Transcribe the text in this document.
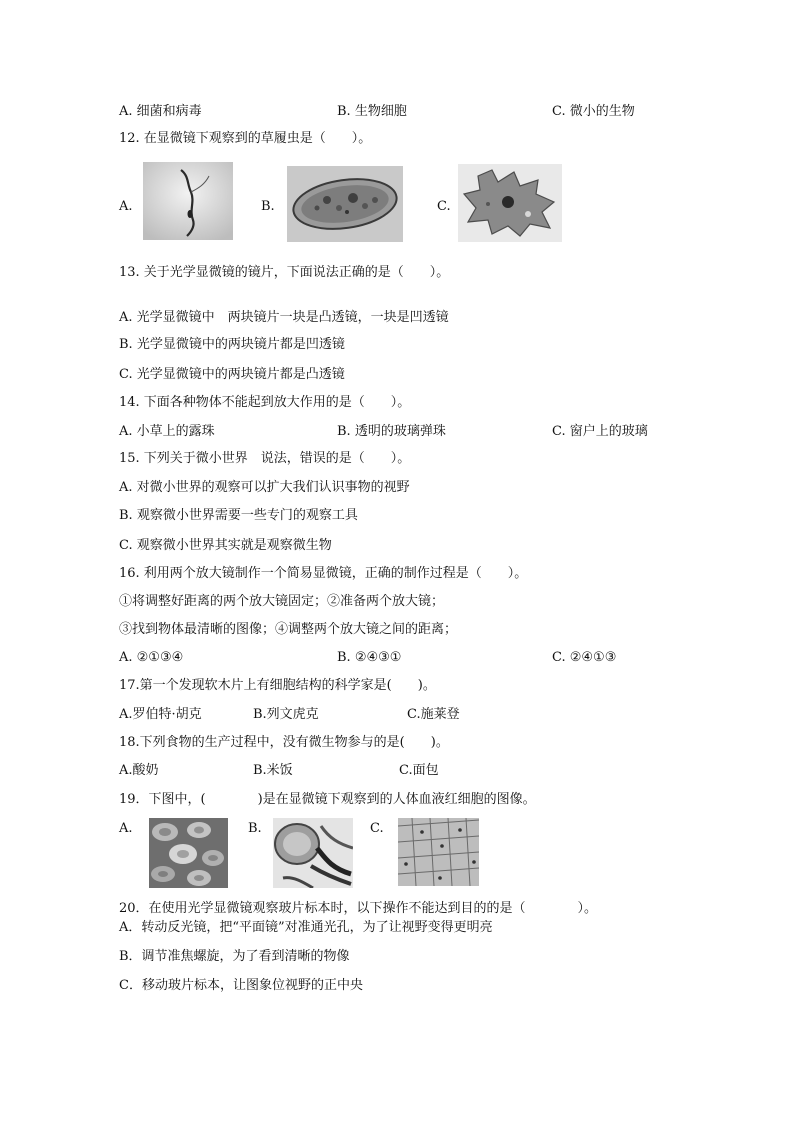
A. 细菌和病毒	B. 生物细胞	C. 微小的生物
12. 在显微镜下观察到的草履虫是（　　）。
A.	B.	C.
13. 关于光学显微镜的镜片，下面说法正确的是（　　）。
A. 光学显微镜中　两块镜片一块是凸透镜，一块是凹透镜
B. 光学显微镜中的两块镜片都是凹透镜
C. 光学显微镜中的两块镜片都是凸透镜
14. 下面各种物体不能起到放大作用的是（　　）。
A. 小草上的露珠	B. 透明的玻璃弹珠	C. 窗户上的玻璃
15. 下列关于微小世界　说法，错误的是（　　）。
A. 对微小世界的观察可以扩大我们认识事物的视野
B. 观察微小世界需要一些专门的观察工具
C. 观察微小世界其实就是观察微生物
16. 利用两个放大镜制作一个简易显微镜，正确的制作过程是（　　）。
①将调整好距离的两个放大镜固定；②准备两个放大镜；
③找到物体最清晰的图像；④调整两个放大镜之间的距离；
A. ②①③④	B. ②④③①	C. ②④①③
17.第一个发现软木片上有细胞结构的科学家是(　　)。
A.罗伯特·胡克	B.列文虎克	C.施莱登
18.下列食物的生产过程中，没有微生物参与的是(　　)。
A.酸奶	B.米饭	C.面包
19．下图中，(　　　　)是在显微镜下观察到的人体血液红细胞的图像。
A.	B.	C.
20．在使用光学显微镜观察玻片标本时，以下操作不能达到目的的是（　　　　）。
A．转动反光镜，把“平面镜”对准通光孔，为了让视野变得更明亮
B．调节准焦螺旋，为了看到清晰的物像
C．移动玻片标本，让图象位视野的正中央
